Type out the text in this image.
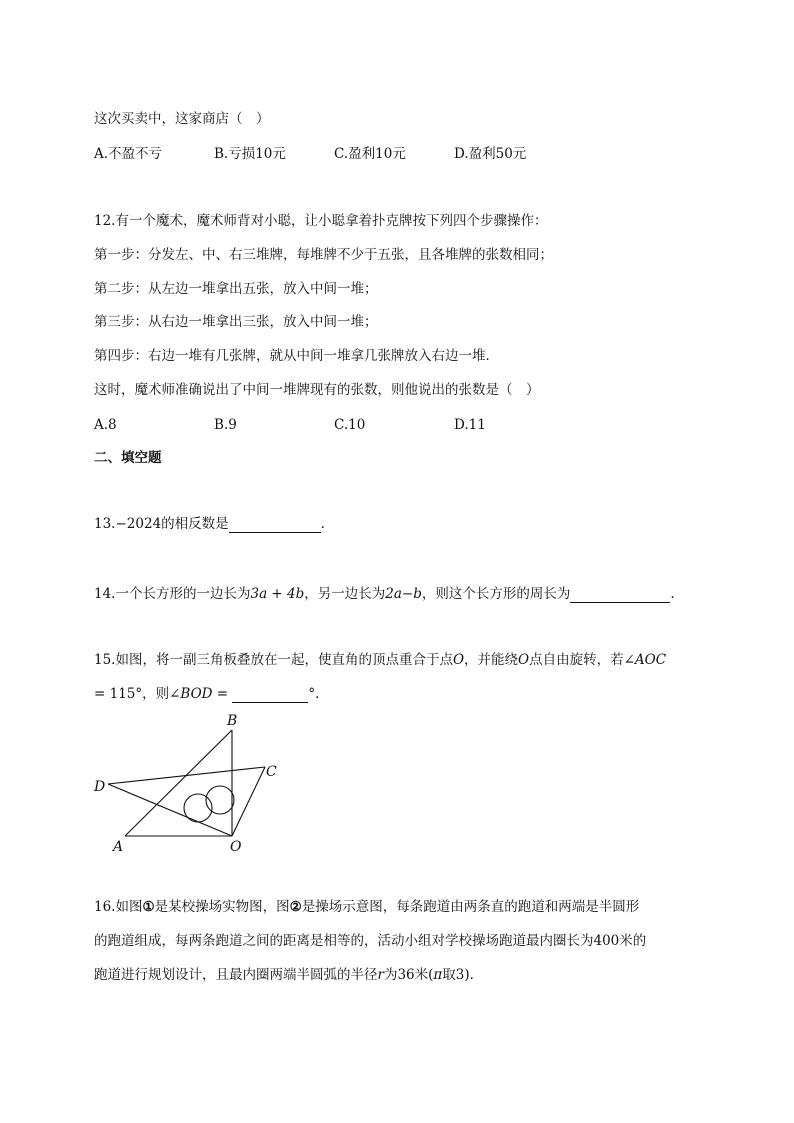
这次买卖中，这家商店（　）
A.不盈不亏	B.亏损10元	C.盈利10元	D.盈利50元
12.有一个魔术，魔术师背对小聪，让小聪拿着扑克牌按下列四个步骤操作：
第一步：分发左、中、右三堆牌，每堆牌不少于五张，且各堆牌的张数相同；
第二步：从左边一堆拿出五张，放入中间一堆；
第三步：从右边一堆拿出三张，放入中间一堆；
第四步：右边一堆有几张牌，就从中间一堆拿几张牌放入右边一堆．
这时，魔术师准确说出了中间一堆牌现有的张数，则他说出的张数是（　）
A.8	B.9	C.10	D.11
二、填空题
13.−2024的相反数是	.
14.一个长方形的一边长为3a + 4b，另一边长为2a−b，则这个长方形的周长为	.
15.如图，将一副三角板叠放在一起，使直角的顶点重合于点O，并能绕O点自由旋转，若∠AOC
= 115°，则∠BOD =	°.
B
C
D
A	O
16.如图①是某校操场实物图，图②是操场示意图，每条跑道由两条直的跑道和两端是半圆形
的跑道组成，每两条跑道之间的距离是相等的，活动小组对学校操场跑道最内圈长为400米的
跑道进行规划设计，且最内圈两端半圆弧的半径r为36米(π取3)．
